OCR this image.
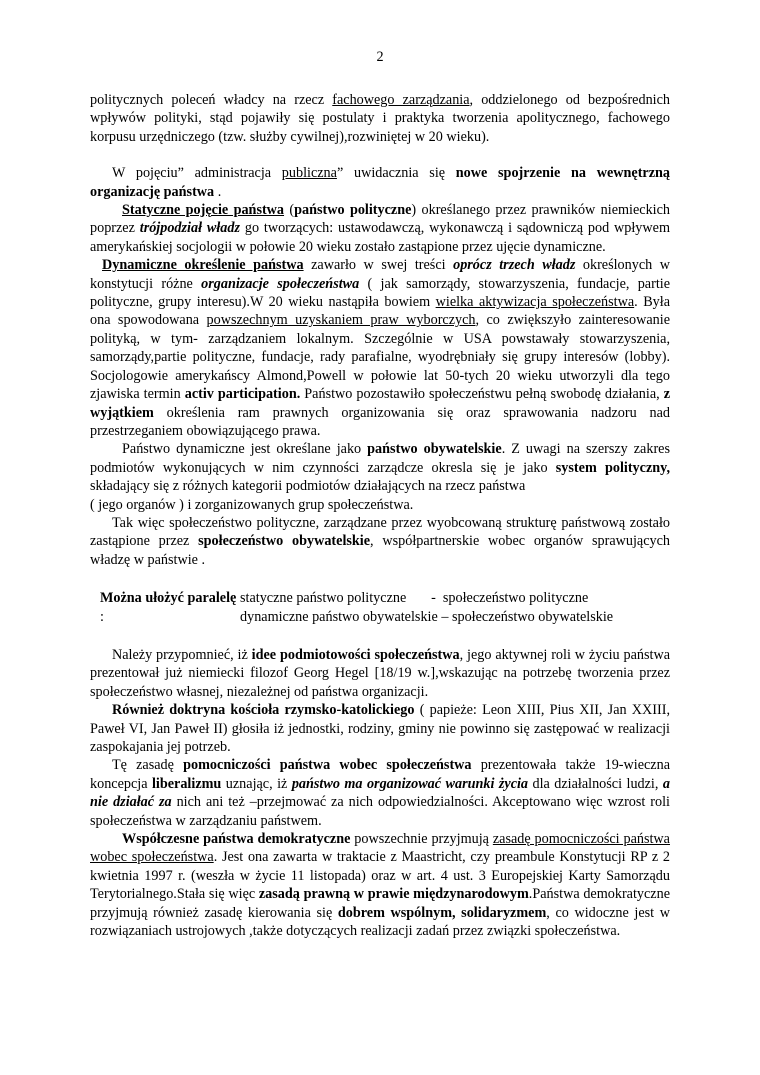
2

politycznych poleceń władcy na rzecz fachowego zarządzania, oddzielonego od bezpośrednich wpływów polityki, stąd pojawiły się postulaty i praktyka tworzenia apolitycznego, fachowego korpusu urzędniczego (tzw. służby cywilnej),rozwiniętej w 20 wieku).

W pojęciu” administracja publiczna” uwidacznia się nowe spojrzenie na wewnętrzną organizację państwa .

Statyczne pojęcie państwa (państwo polityczne) określanego przez prawników niemieckich poprzez trójpodział władz go tworzących: ustawodawczą, wykonawczą i sądowniczą pod wpływem amerykańskiej socjologii w połowie 20 wieku zostało zastąpione przez ujęcie dynamiczne.

Dynamiczne określenie państwa zawarło w swej treści oprócz trzech władz określonych w konstytucji różne organizacje społeczeństwa ( jak samorządy, stowarzyszenia, fundacje, partie polityczne, grupy interesu).W 20 wieku nastąpiła bowiem wielka aktywizacja społeczeństwa. Była ona spowodowana powszechnym uzyskaniem praw wyborczych, co zwiększyło zainteresowanie polityką, w tym- zarządzaniem lokalnym. Szczególnie w USA powstawały stowarzyszenia, samorządy,partie polityczne, fundacje, rady parafialne, wyodrębniały się grupy interesów (lobby). Socjologowie amerykańscy Almond,Powell w połowie lat 50-tych 20 wieku utworzyli dla tego zjawiska termin activ participation. Państwo pozostawiło społeczeństwu pełną swobodę działania, z wyjątkiem określenia ram prawnych organizowania się oraz sprawowania nadzoru nad przestrzeganiem obowiązującego prawa.

Państwo dynamiczne jest określane jako państwo obywatelskie. Z uwagi na szerszy zakres podmiotów wykonujących w nim czynności zarządcze okresla się je jako system polityczny, składający się z różnych kategorii podmiotów działających na rzecz państwa
( jego organów ) i zorganizowanych grup społeczeństwa.

Tak więc społeczeństwo polityczne, zarządzane przez wyobcowaną strukturę państwową zostało zastąpione przez społeczeństwo obywatelskie, współpartnerskie wobec organów sprawujących władzę w państwie .

Można ułożyć paralelę :
statyczne państwo polityczne       -  społeczeństwo polityczne
dynamiczne państwo obywatelskie – społeczeństwo obywatelskie

Należy przypomnieć, iż idee podmiotowości społeczeństwa, jego aktywnej roli w życiu państwa prezentował już niemiecki filozof Georg Hegel [18/19 w.],wskazując na potrzebę tworzenia przez społeczeństwo własnej, niezależnej od państwa organizacji.

Również doktryna kościoła rzymsko-katolickiego ( papieże: Leon XIII, Pius XII, Jan XXIII, Paweł VI, Jan Paweł II) głosiła iż jednostki, rodziny, gminy nie powinno się zastępować w realizacji zaspokajania jej potrzeb.

Tę zasadę pomocniczości państwa wobec społeczeństwa prezentowała także 19-wieczna koncepcja liberalizmu uznając, iż państwo ma organizować warunki życia dla działalności ludzi, a nie działać za nich ani też –przejmować za nich odpowiedzialności. Akceptowano więc wzrost roli społeczeństwa w zarządzaniu państwem.

Współczesne państwa demokratyczne powszechnie przyjmują zasadę pomocniczości państwa wobec społeczeństwa. Jest ona zawarta w traktacie z Maastricht, czy preambule Konstytucji RP z 2 kwietnia 1997 r. (weszła w życie 11 listopada) oraz w art. 4 ust. 3 Europejskiej Karty Samorządu Terytorialnego.Stała się więc zasadą prawną w prawie międzynarodowym.Państwa demokratyczne przyjmują również zasadę kierowania się dobrem wspólnym, solidaryzmem, co widoczne jest w rozwiązaniach ustrojowych ,także dotyczących realizacji zadań przez związki społeczeństwa.
